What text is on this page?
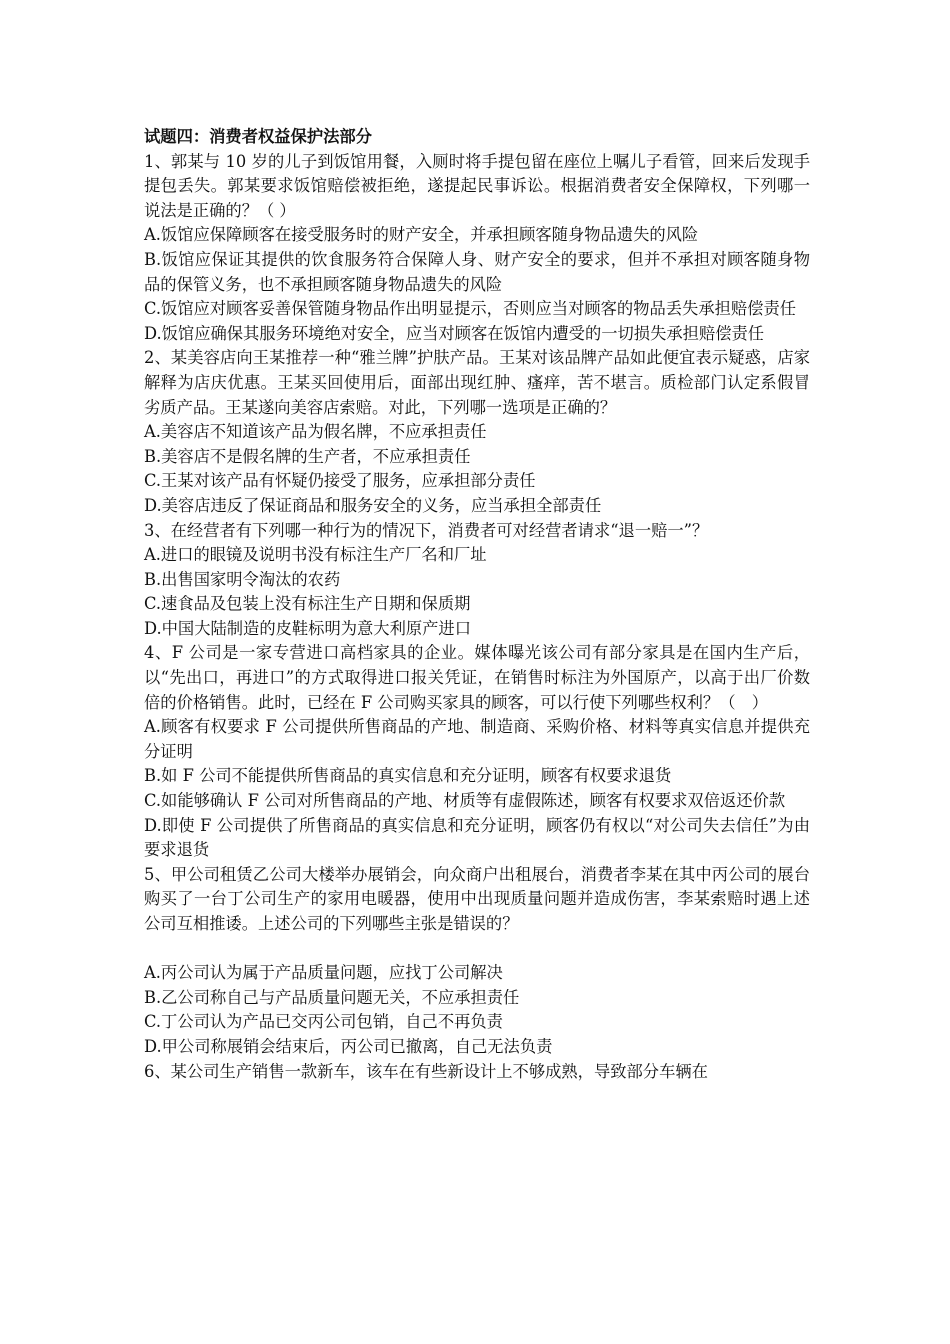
试题四：消费者权益保护法部分

1、郭某与 10 岁的儿子到饭馆用餐，入厕时将手提包留在座位上嘱儿子看管，回来后发现手提包丢失。郭某要求饭馆赔偿被拒绝，遂提起民事诉讼。根据消费者安全保障权，下列哪一说法是正确的？（ ）

A.饭馆应保障顾客在接受服务时的财产安全，并承担顾客随身物品遗失的风险

B.饭馆应保证其提供的饮食服务符合保障人身、财产安全的要求，但并不承担对顾客随身物品的保管义务，也不承担顾客随身物品遗失的风险

C.饭馆应对顾客妥善保管随身物品作出明显提示，否则应当对顾客的物品丢失承担赔偿责任

D.饭馆应确保其服务环境绝对安全，应当对顾客在饭馆内遭受的一切损失承担赔偿责任

2、某美容店向王某推荐一种“雅兰牌”护肤产品。王某对该品牌产品如此便宜表示疑惑，店家解释为店庆优惠。王某买回使用后，面部出现红肿、瘙痒，苦不堪言。质检部门认定系假冒劣质产品。王某遂向美容店索赔。对此，下列哪一选项是正确的？

A.美容店不知道该产品为假名牌，不应承担责任

B.美容店不是假名牌的生产者，不应承担责任

C.王某对该产品有怀疑仍接受了服务，应承担部分责任

D.美容店违反了保证商品和服务安全的义务，应当承担全部责任

3、在经营者有下列哪一种行为的情况下，消费者可对经营者请求“退一赔一”？

A.进口的眼镜及说明书没有标注生产厂名和厂址

B.出售国家明令淘汰的农药

C.速食品及包装上没有标注生产日期和保质期

D.中国大陆制造的皮鞋标明为意大利原产进口

4、F 公司是一家专营进口高档家具的企业。媒体曝光该公司有部分家具是在国内生产后，以“先出口，再进口”的方式取得进口报关凭证，在销售时标注为外国原产，以高于出厂价数倍的价格销售。此时，已经在 F 公司购买家具的顾客，可以行使下列哪些权利？（　）

A.顾客有权要求 F 公司提供所售商品的产地、制造商、采购价格、材料等真实信息并提供充分证明

B.如 F 公司不能提供所售商品的真实信息和充分证明，顾客有权要求退货

C.如能够确认 F 公司对所售商品的产地、材质等有虚假陈述，顾客有权要求双倍返还价款

D.即使 F 公司提供了所售商品的真实信息和充分证明，顾客仍有权以“对公司失去信任”为由要求退货

5、甲公司租赁乙公司大楼举办展销会，向众商户出租展台，消费者李某在其中丙公司的展台购买了一台丁公司生产的家用电暖器，使用中出现质量问题并造成伤害，李某索赔时遇上述公司互相推诿。上述公司的下列哪些主张是错误的？

A.丙公司认为属于产品质量问题，应找丁公司解决

B.乙公司称自己与产品质量问题无关，不应承担责任

C.丁公司认为产品已交丙公司包销，自己不再负责

D.甲公司称展销会结束后，丙公司已撤离，自己无法负责

6、某公司生产销售一款新车，该车在有些新设计上不够成熟，导致部分车辆在
